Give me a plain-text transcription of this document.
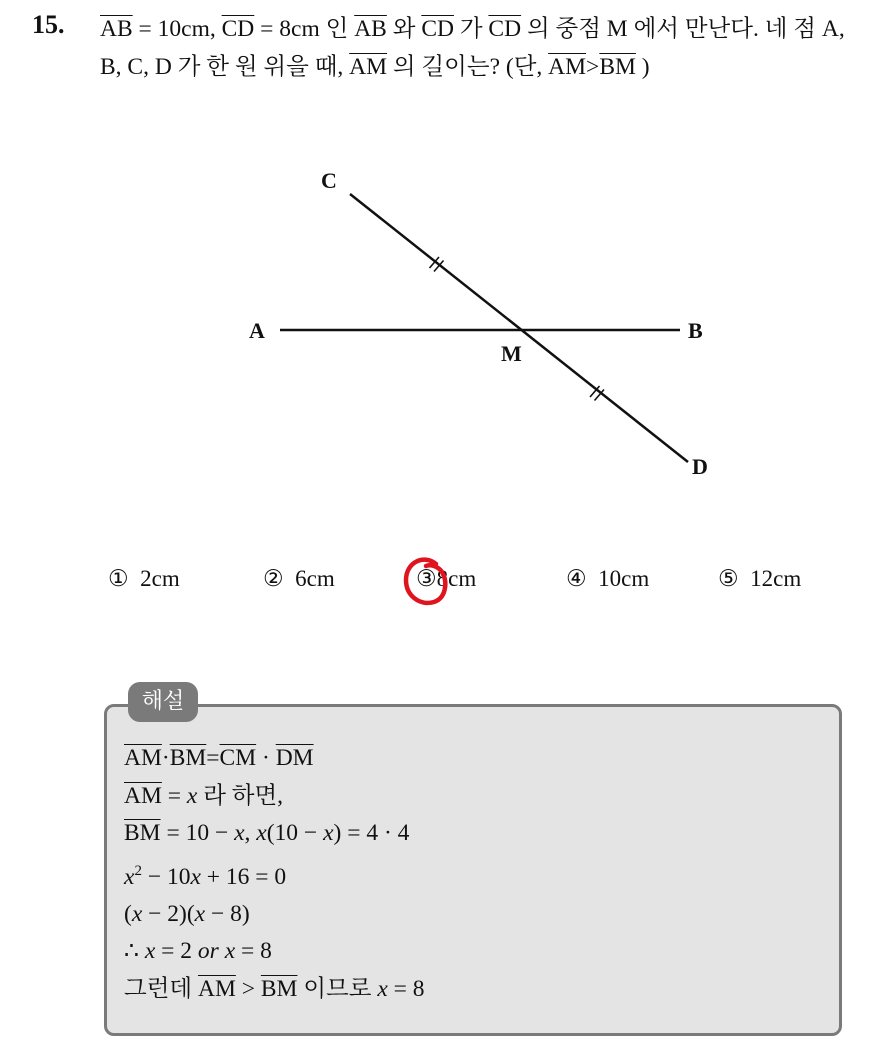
15. $\overline{AB} = 10cm$, $\overline{CD} = 8cm$ 인 $\overline{AB}$ 와 $\overline{CD}$ 가 $\overline{CD}$ 의 중점 M 에서 만난다. 네 점 A, B, C, D 가 한 원 위을 때, $\overline{AM}$ 의 길이는? (단, $\overline{AM}>\overline{BM}$ )
A	B
C
D
M
① 2cm	② 6cm	③8cm	④ 10cm	⑤ 12cm
해설
$\overline{AM}\cdot\overline{BM}=\overline{CM} \cdot \overline{DM}$
$\overline{AM} = x$ 라 하면,
$\overline{BM} = 10 - x$, x(10 − x) = 4 · 4
$x^2 - 10x + 16 = 0$
(x − 2)(x − 8)
∴ x = 2 or x = 8
그런데 $\overline{AM} > \overline{BM}$ 이므로 x = 8
